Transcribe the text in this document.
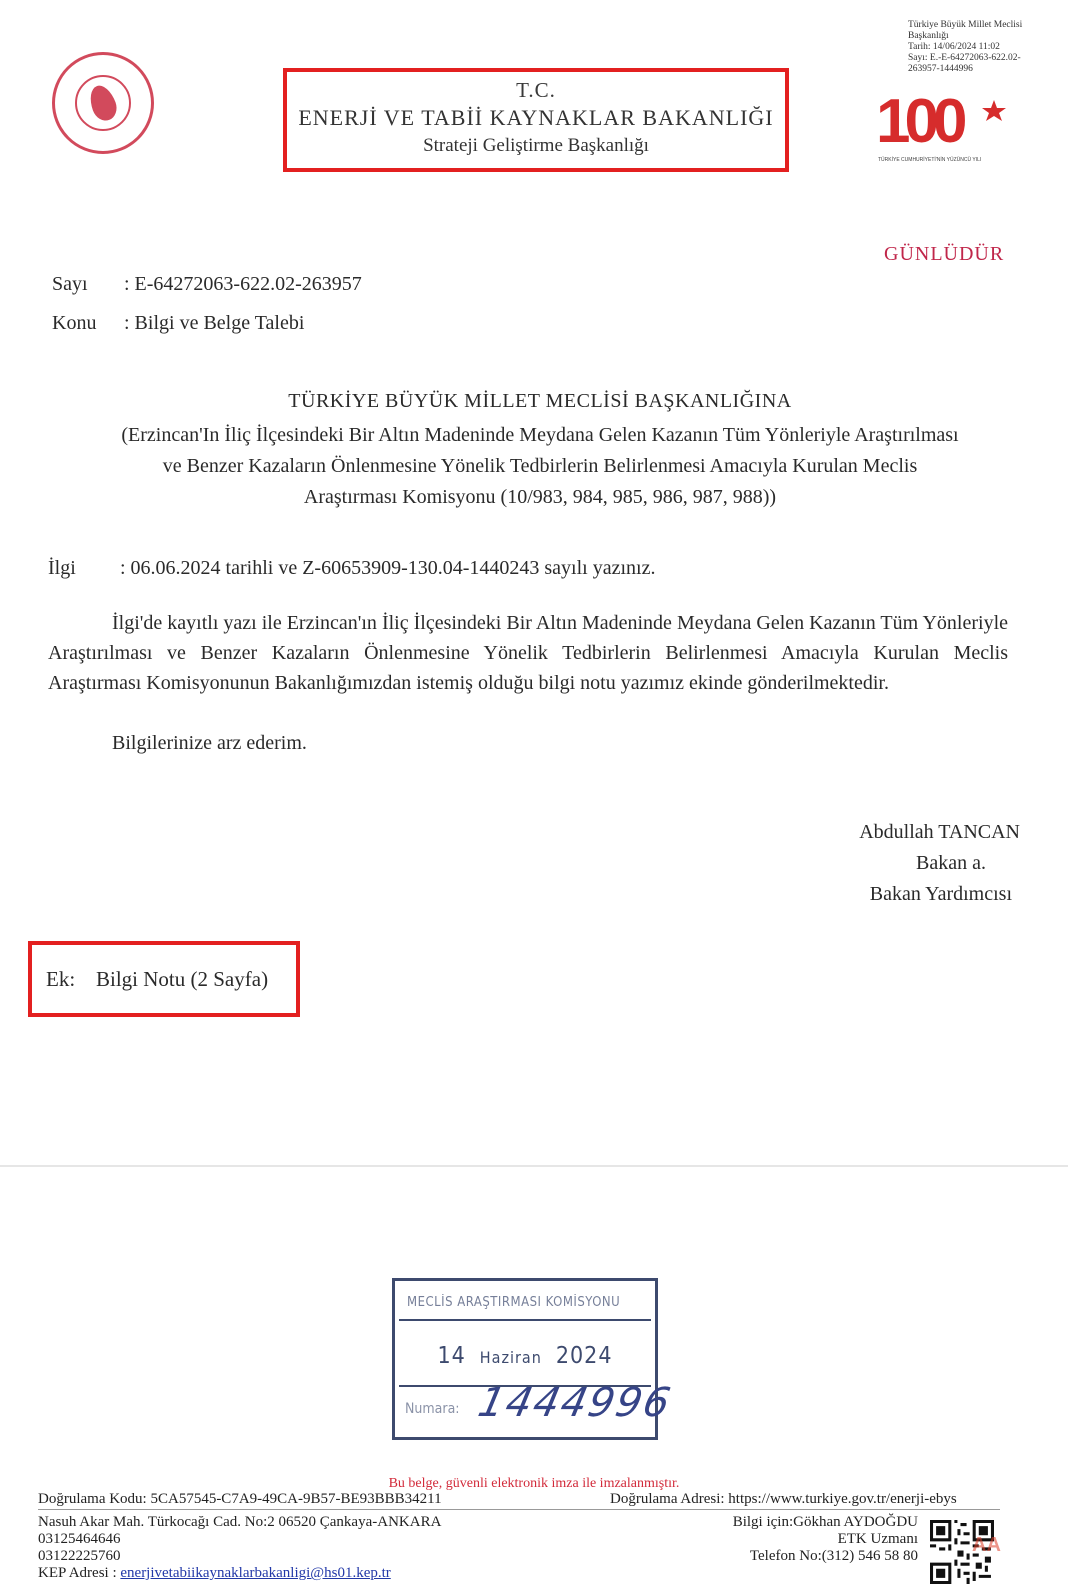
T.C.
ENERJİ VE TABİİ KAYNAKLAR BAKANLIĞI
Strateji Geliştirme Başkanlığı
Türkiye Büyük Millet Meclisi
Başkanlığı
Tarih: 14/06/2024 11:02
Sayı: E.-E-64272063-622.02-
263957-1444996
100
TÜRKİYE CUMHURİYETİ'NİN YÜZÜNCÜ YILI
GÜNLÜDÜR
Sayı : E-64272063-622.02-263957
Konu : Bilgi ve Belge Talebi
TÜRKİYE BÜYÜK MİLLET MECLİSİ BAŞKANLIĞINA
(Erzincan'In İliç İlçesindeki Bir Altın Madeninde Meydana Gelen Kazanın Tüm Yönleriyle Araştırılması
ve Benzer Kazaların Önlenmesine Yönelik Tedbirlerin Belirlenmesi Amacıyla Kurulan Meclis
Araştırması Komisyonu (10/983, 984, 985, 986, 987, 988))
İlgi : 06.06.2024 tarihli ve Z-60653909-130.04-1440243 sayılı yazınız.
İlgi'de kayıtlı yazı ile Erzincan'ın İliç İlçesindeki Bir Altın Madeninde Meydana Gelen Kazanın Tüm Yönleriyle Araştırılması ve Benzer Kazaların Önlenmesine Yönelik Tedbirlerin Belirlenmesi Amacıyla Kurulan Meclis Araştırması Komisyonunun Bakanlığımızdan istemiş olduğu bilgi notu yazımız ekinde gönderilmektedir.
Bilgilerinize arz ederim.
Abdullah TANCAN
Bakan a.
Bakan Yardımcısı
Ek: Bilgi Notu (2 Sayfa)
MECLİS ARAŞTIRMASI KOMİSYONU
14 Haziran 2024
Numara: 1444996
Bu belge, güvenli elektronik imza ile imzalanmıştır.
Doğrulama Kodu: 5CA57545-C7A9-49CA-9B57-BE93BBB34211	Doğrulama Adresi: https://www.turkiye.gov.tr/enerji-ebys
Nasuh Akar Mah. Türkocağı Cad. No:2 06520 Çankaya-ANKARA
03125464646
03122225760
KEP Adresi : enerjivetabiikaynaklarbakanligi@hs01.kep.tr
Bilgi için:Gökhan AYDOĞDU
ETK Uzmanı
Telefon No:(312) 546 58 80	AA
